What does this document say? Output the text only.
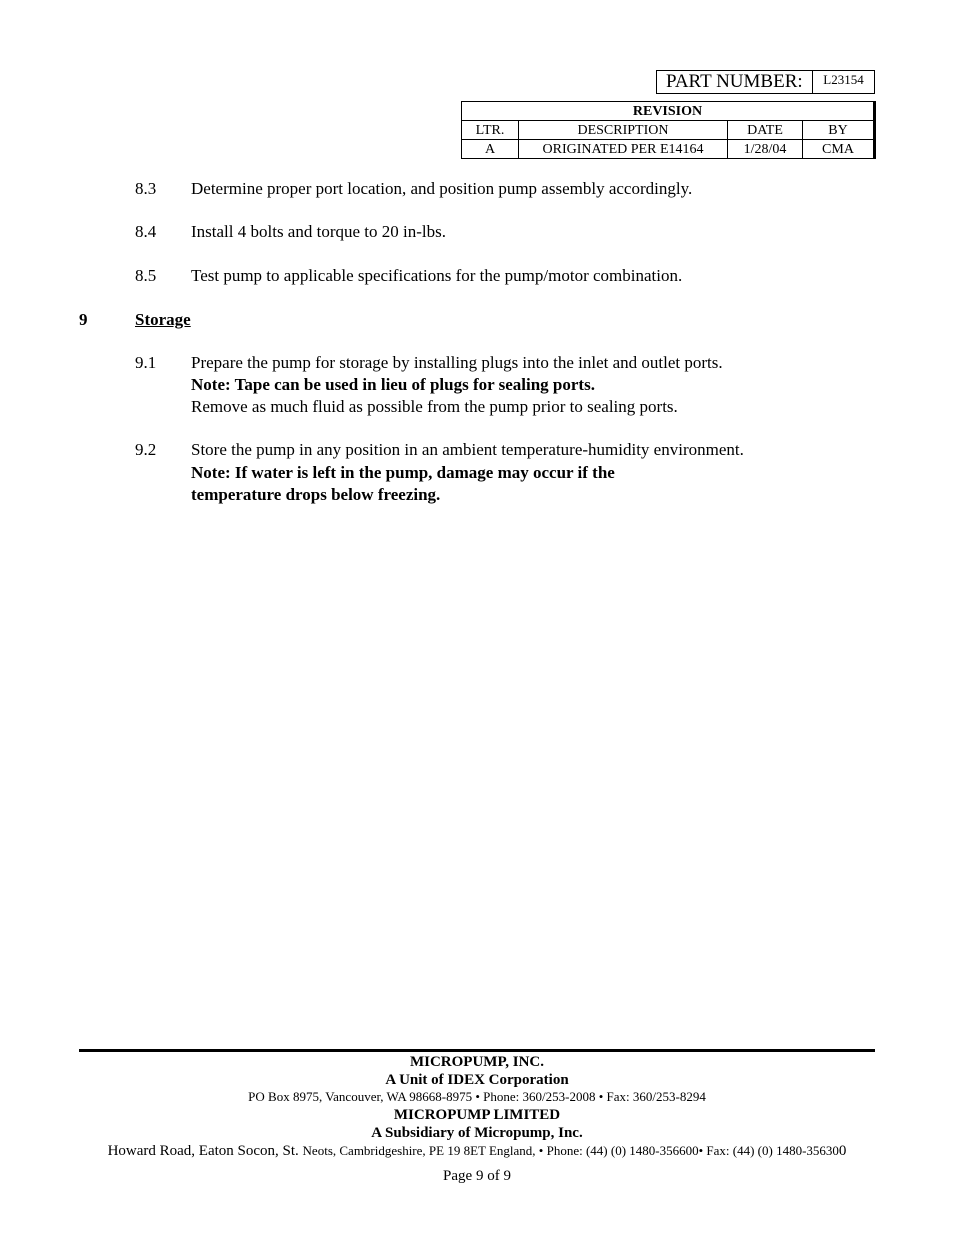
PART NUMBER:	L23154
REVISION			
LTR.	DESCRIPTION	DATE	BY
A	ORIGINATED PER E14164	1/28/04	CMA
8.3 Determine proper port location, and position pump assembly accordingly.
8.4 Install 4 bolts and torque to 20 in-lbs.
8.5 Test pump to applicable specifications for the pump/motor combination.
9	Storage
9.1 Prepare the pump for storage by installing plugs into the inlet and outlet ports.
Note: Tape can be used in lieu of plugs for sealing ports.
Remove as much fluid as possible from the pump prior to sealing ports.
9.2 Store the pump in any position in an ambient temperature-humidity environment.
Note: If water is left in the pump, damage may occur if the
temperature drops below freezing.
MICROPUMP, INC.
A Unit of IDEX Corporation
PO Box 8975, Vancouver, WA 98668-8975 • Phone: 360/253-2008 • Fax: 360/253-8294
MICROPUMP LIMITED
A Subsidiary of Micropump, Inc.
Howard Road, Eaton Socon, St. Neots, Cambridgeshire, PE 19 8ET England, • Phone: (44) (0) 1480-356600• Fax: (44) (0) 1480-356300
Page 9 of 9
